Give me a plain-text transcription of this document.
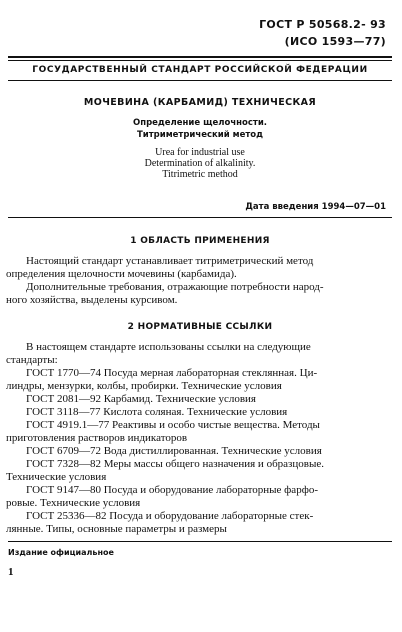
ГОСТ Р 50568.2- 93

(ИСО 1593—77)

ГОСУДАРСТВЕННЫЙ СТАНДАРТ РОССИЙСКОЙ ФЕДЕРАЦИИ

МОЧЕВИНА (КАРБАМИД) ТЕХНИЧЕСКАЯ

Определение щелочности.

Титриметрический метод

Urea for industrial use

Determination of alkalinity.

Titrimetric method

Дата введения 1994—07—01

1 ОБЛАСТЬ ПРИМЕНЕНИЯ

Настоящий стандарт устанавливает титриметрический метод

определения щелочности мочевины (карбамида).

Дополнительные требования, отражающие потребности народ-

ного хозяйства, выделены курсивом.

2 НОРМАТИВНЫЕ ССЫЛКИ

В настоящем стандарте использованы ссылки на следующие

стандарты:

ГОСТ 1770—74 Посуда мерная лабораторная стеклянная. Ци-

линдры, мензурки, колбы, пробирки. Технические условия

ГОСТ 2081—92 Карбамид. Технические условия

ГОСТ 3118—77 Кислота соляная. Технические условия

ГОСТ 4919.1—77 Реактивы и особо чистые вещества. Методы

приготовления растворов индикаторов

ГОСТ 6709—72 Вода дистиллированная. Технические условия

ГОСТ 7328—82 Меры массы общего назначения и образцовые.

Технические условия

ГОСТ 9147—80 Посуда и оборудование лабораторные фарфо-

ровые. Технические условия

ГОСТ 25336—82 Посуда и оборудование лабораторные стек-

лянные. Типы, основные параметры и размеры

Издание официальное

1
